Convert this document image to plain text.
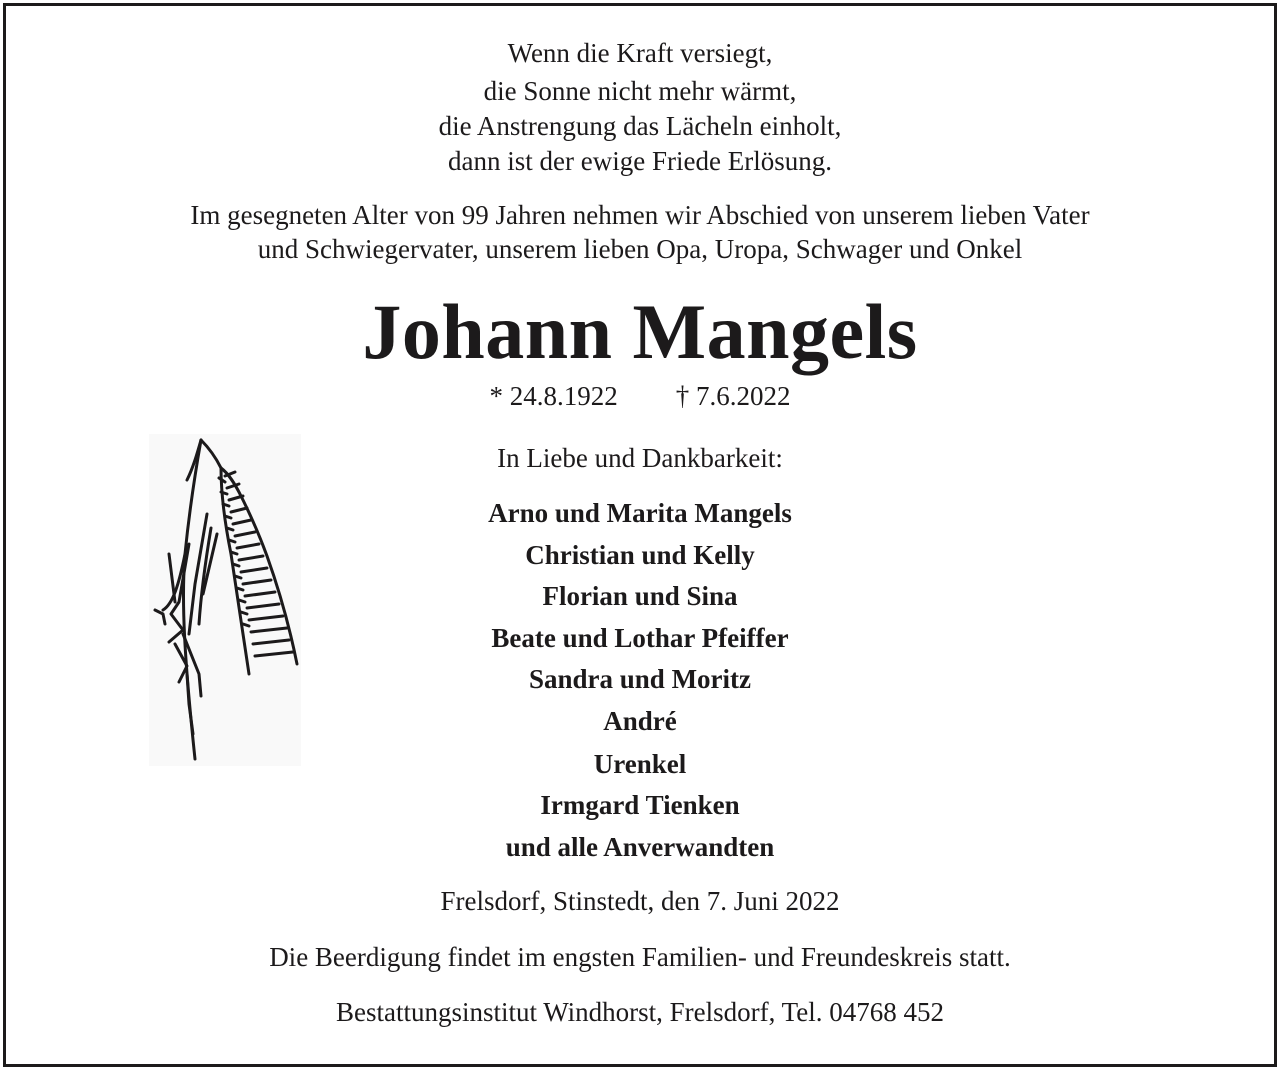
Wenn die Kraft versiegt,
die Sonne nicht mehr wärmt,
die Anstrengung das Lächeln einholt,
dann ist der ewige Friede Erlösung.
Im gesegneten Alter von 99 Jahren nehmen wir Abschied von unserem lieben Vater
und Schwiegervater, unserem lieben Opa, Uropa, Schwager und Onkel
Johann Mangels
* 24.8.1922 † 7.6.2022
In Liebe und Dankbarkeit:
Arno und Marita Mangels
Christian und Kelly
Florian und Sina
Beate und Lothar Pfeiffer
Sandra und Moritz
André
Urenkel
Irmgard Tienken
und alle Anverwandten
Frelsdorf, Stinstedt, den 7. Juni 2022
Die Beerdigung findet im engsten Familien- und Freundeskreis statt.
Bestattungsinstitut Windhorst, Frelsdorf, Tel. 04768 452
